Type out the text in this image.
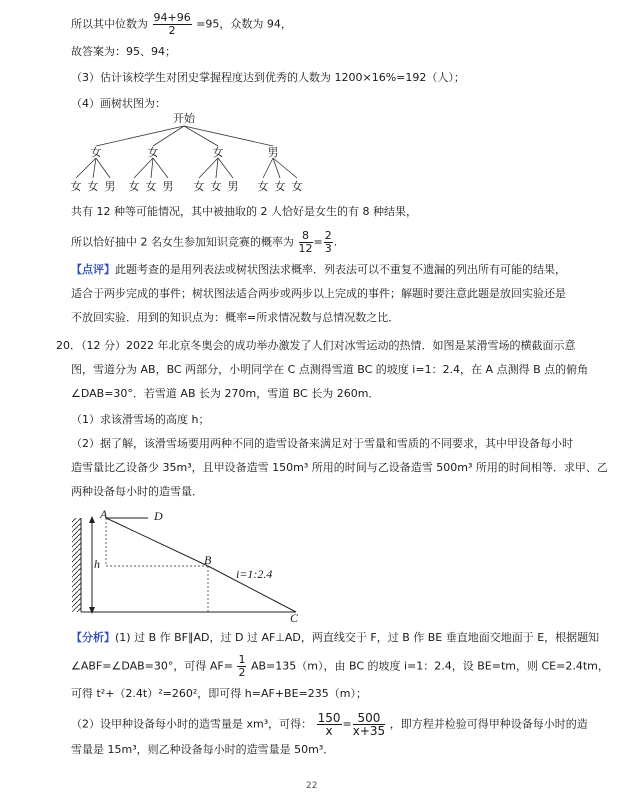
所以其中位数为 $\frac{94+96}{2} =95$，众数为 94，
故答案为：95、94；
（3）估计该校学生对团史掌握程度达到优秀的人数为 1200×16%=192（人）；
（4）画树状图为：
开始
女	女	女	男
女 女 男 女 女 男 女 女 男 女 女 女
共有 12 种等可能情况，其中被抽取的 2 人恰好是女生的有 8 种结果，
所以恰好抽中 2 名女生参加知识竞赛的概率为 $\frac{8}{12} = \frac{2}{3}$ .
【点评】此题考查的是用列表法或树状图法求概率．列表法可以不重复不遗漏的列出所有可能的结果，
适合于两步完成的事件；树状图法适合两步或两步以上完成的事件；解题时要注意此题是放回实验还是
不放回实验．用到的知识点为：概率=所求情况数与总情况数之比．
20．（12 分）2022 年北京冬奥会的成功举办激发了人们对冰雪运动的热情．如图是某滑雪场的横截面示意
图，雪道分为 AB，BC 两部分，小明同学在 C 点测得雪道 BC 的坡度 i=1：2.4，在 A 点测得 B 点的俯角
∠DAB=30°．若雪道 AB 长为 270m，雪道 BC 长为 260m．
（1）求该滑雪场的高度 h；
（2）据了解，该滑雪场要用两种不同的造雪设备来满足对于雪量和雪质的不同要求，其中甲设备每小时
造雪量比乙设备少 35m³，且甲设备造雪 150m³ 所用的时间与乙设备造雪 500m³ 所用的时间相等．求甲、乙
两种设备每小时的造雪量．
A	D
B
C
h
i=1:2.4
【分析】(1) 过 B 作 BF∥AD，过 D 过 AF⊥AD，两直线交于 F，过 B 作 BE 垂直地面交地面于 E，根据题知
∠ABF=∠DAB=30°，可得 $AF= \frac{1}{2} AB=135(m)$，由 BC 的坡度 i=1：2.4，设 BE=tm，则 CE=2.4tm，
可得 t²+（2.4t）²=260²，即可得 h=AF+BE=235（m）；
（2）设甲种设备每小时的造雪量是 xm³，可得： $\frac{150}{x} = \frac{500}{x+35}$ ，即方程并检验可得甲种设备每小时的造
雪量是 15m³，则乙种设备每小时的造雪量是 50m³．
22
